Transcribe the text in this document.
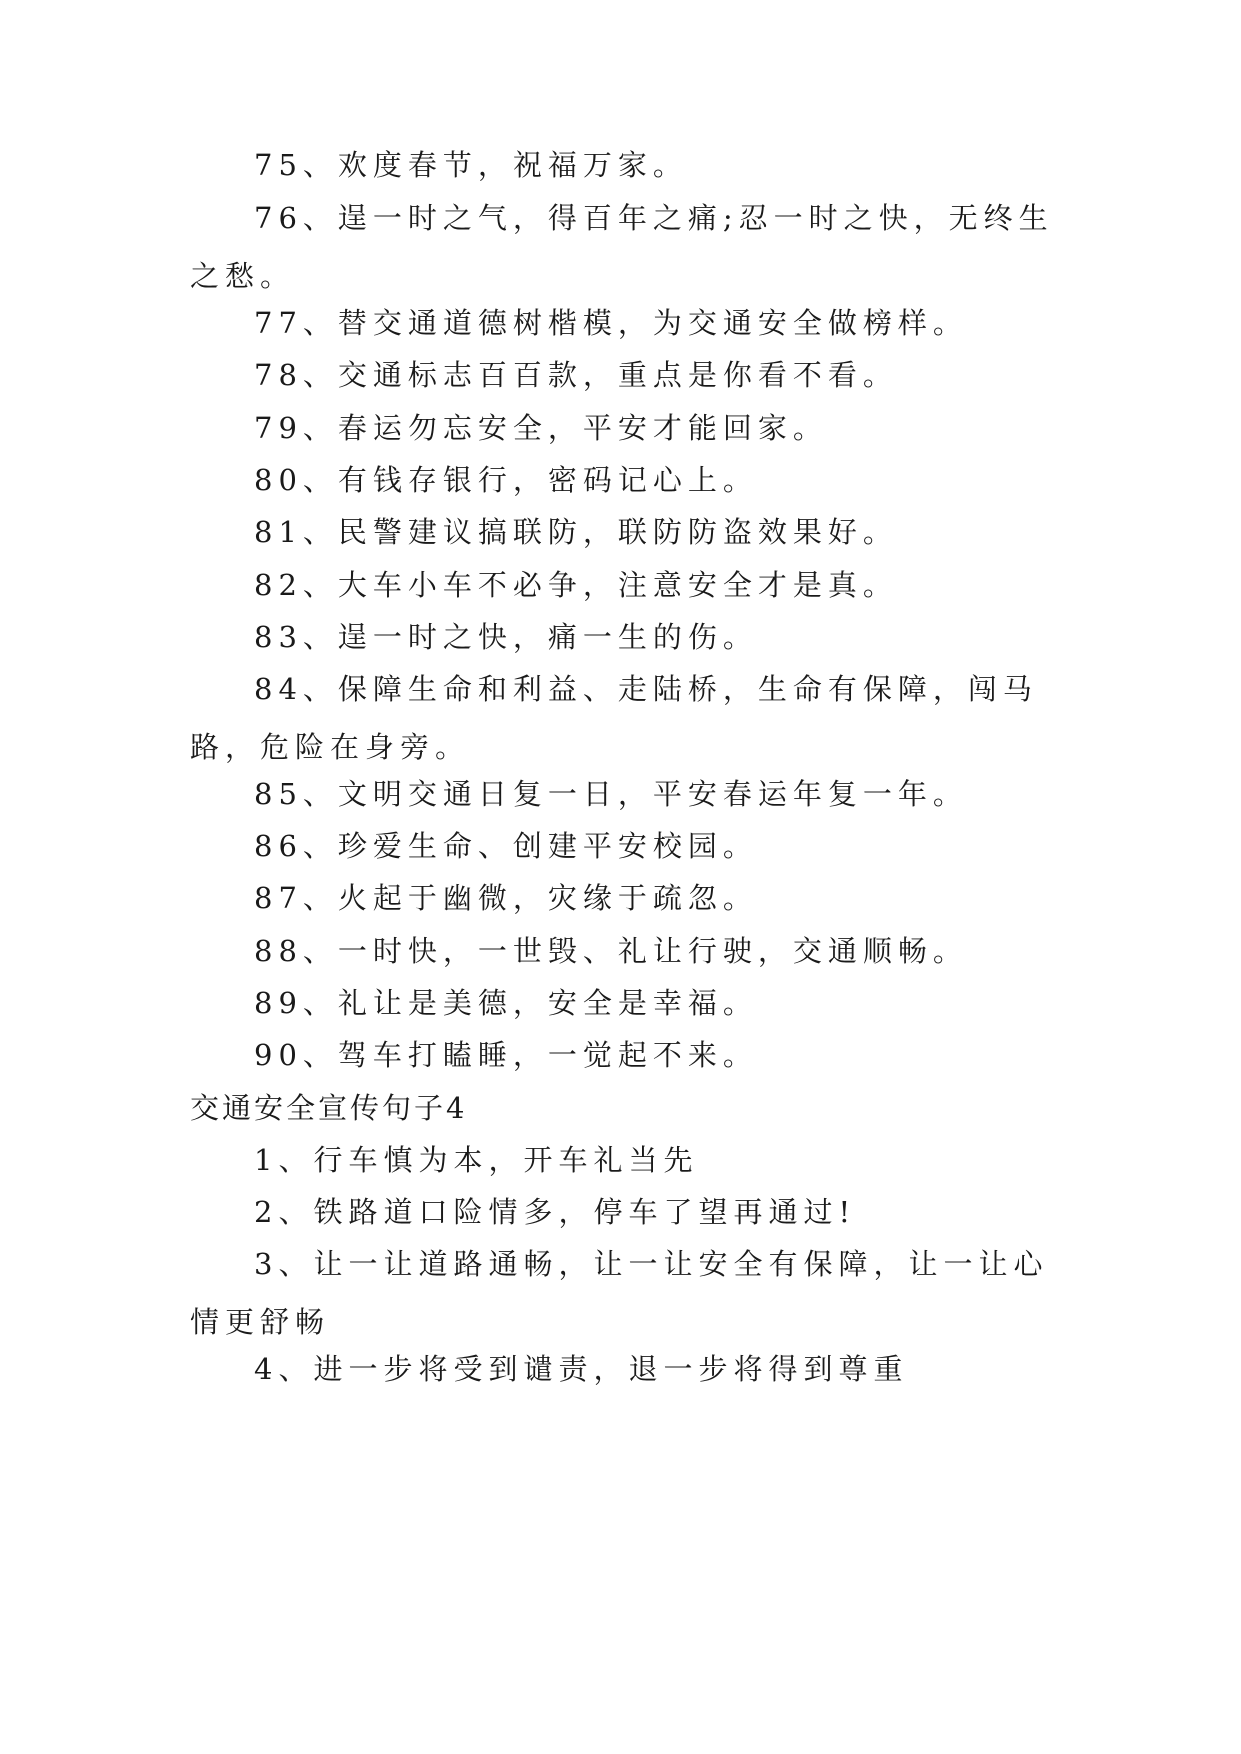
75、欢度春节，祝福万家。
76、逞一时之气，得百年之痛;忍一时之快，无终生之愁。
77、替交通道德树楷模，为交通安全做榜样。
78、交通标志百百款，重点是你看不看。
79、春运勿忘安全，平安才能回家。
80、有钱存银行，密码记心上。
81、民警建议搞联防，联防防盗效果好。
82、大车小车不必争，注意安全才是真。
83、逞一时之快，痛一生的伤。
84、保障生命和利益、走陆桥，生命有保障，闯马路，危险在身旁。
85、文明交通日复一日，平安春运年复一年。
86、珍爱生命、创建平安校园。
87、火起于幽微，灾缘于疏忽。
88、一时快，一世毁、礼让行驶，交通顺畅。
89、礼让是美德，安全是幸福。
90、驾车打瞌睡，一觉起不来。
交通安全宣传句子4
1、行车慎为本，开车礼当先
2、铁路道口险情多，停车了望再通过!
3、让一让道路通畅，让一让安全有保障，让一让心情更舒畅
4、进一步将受到谴责，退一步将得到尊重
